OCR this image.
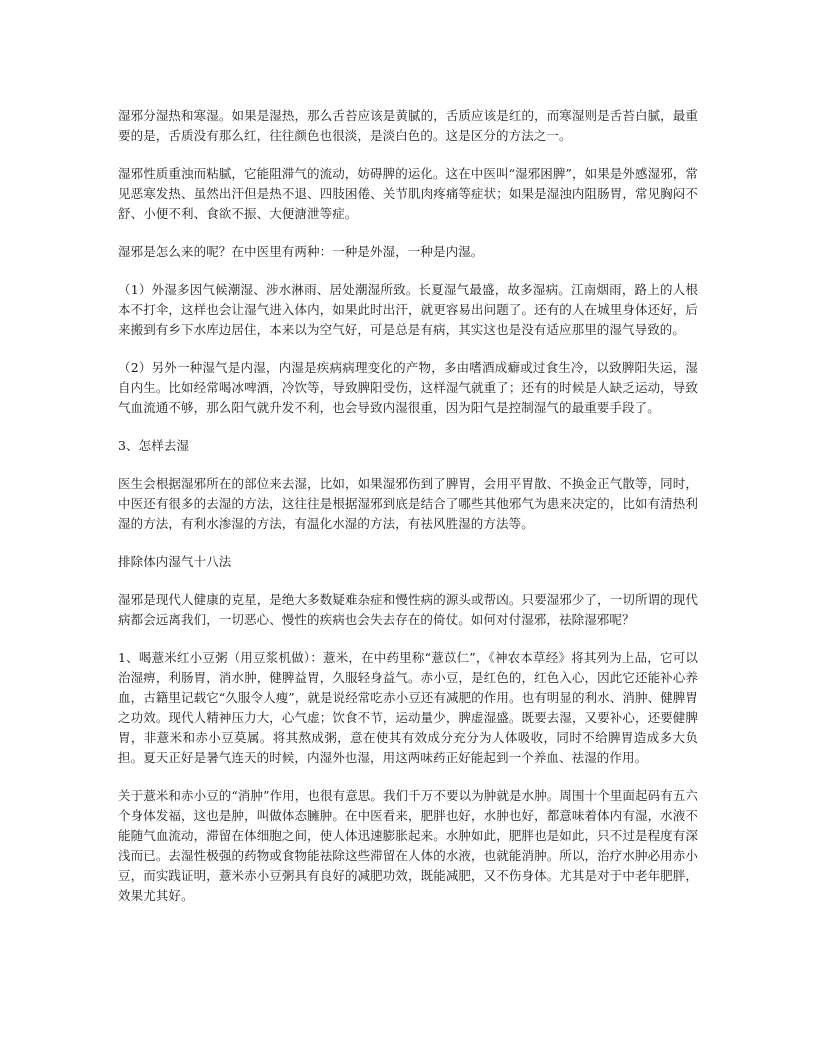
湿邪分湿热和寒湿。如果是湿热，那么舌苔应该是黄腻的，舌质应该是红的，而寒湿则是舌苔白腻，最重要的是，舌质没有那么红，往往颜色也很淡，是淡白色的。这是区分的方法之一。

湿邪性质重浊而粘腻，它能阻滞气的流动，妨碍脾的运化。这在中医叫“湿邪困脾”，如果是外感湿邪，常见恶寒发热、虽然出汗但是热不退、四肢困倦、关节肌肉疼痛等症状；如果是湿浊内阻肠胃，常见胸闷不舒、小便不利、食欲不振、大便溏泄等症。

湿邪是怎么来的呢？在中医里有两种：一种是外湿，一种是内湿。

（1）外湿多因气候潮湿、涉水淋雨、居处潮湿所致。长夏湿气最盛，故多湿病。江南烟雨，路上的人根本不打伞，这样也会让湿气进入体内，如果此时出汗，就更容易出问题了。还有的人在城里身体还好，后来搬到有乡下水库边居住，本来以为空气好，可是总是有病，其实这也是没有适应那里的湿气导致的。

（2）另外一种湿气是内湿，内湿是疾病病理变化的产物，多由嗜酒成癖或过食生冷，以致脾阳失运，湿自内生。比如经常喝冰啤酒，冷饮等，导致脾阳受伤，这样湿气就重了；还有的时候是人缺乏运动，导致气血流通不够，那么阳气就升发不利，也会导致内湿很重，因为阳气是控制湿气的最重要手段了。

3、怎样去湿

医生会根据湿邪所在的部位来去湿，比如，如果湿邪伤到了脾胃，会用平胃散、不换金正气散等，同时，中医还有很多的去湿的方法，这往往是根据湿邪到底是结合了哪些其他邪气为患来决定的，比如有清热利湿的方法，有利水渗湿的方法，有温化水湿的方法，有祛风胜湿的方法等。

排除体内湿气十八法

湿邪是现代人健康的克星，是绝大多数疑难杂症和慢性病的源头或帮凶。只要湿邪少了，一切所谓的现代病都会远离我们，一切恶心、慢性的疾病也会失去存在的倚仗。如何对付湿邪，祛除湿邪呢？

1、喝薏米红小豆粥（用豆浆机做）：薏米，在中药里称“薏苡仁”，《神农本草经》将其列为上品，它可以治湿痹，利肠胃，消水肿，健脾益胃，久服轻身益气。赤小豆，是红色的，红色入心，因此它还能补心养血，古籍里记载它“久服令人瘦”，就是说经常吃赤小豆还有减肥的作用。也有明显的利水、消肿、健脾胃之功效。现代人精神压力大，心气虚；饮食不节，运动量少，脾虚湿盛。既要去湿，又要补心，还要健脾胃，非薏米和赤小豆莫属。将其熬成粥，意在使其有效成分充分为人体吸收，同时不给脾胃造成多大负担。夏天正好是暑气连天的时候，内湿外也湿，用这两味药正好能起到一个养血、祛湿的作用。

关于薏米和赤小豆的“消肿”作用，也很有意思。我们千万不要以为肿就是水肿。周围十个里面起码有五六个身体发福，这也是肿，叫做体态臃肿。在中医看来，肥胖也好，水肿也好，都意味着体内有湿，水液不能随气血流动，滞留在体细胞之间，使人体迅速膨胀起来。水肿如此，肥胖也是如此，只不过是程度有深浅而已。去湿性极强的药物或食物能祛除这些滞留在人体的水液，也就能消肿。所以，治疗水肿必用赤小豆，而实践证明，薏米赤小豆粥具有良好的减肥功效，既能减肥，又不伤身体。尤其是对于中老年肥胖，效果尤其好。
